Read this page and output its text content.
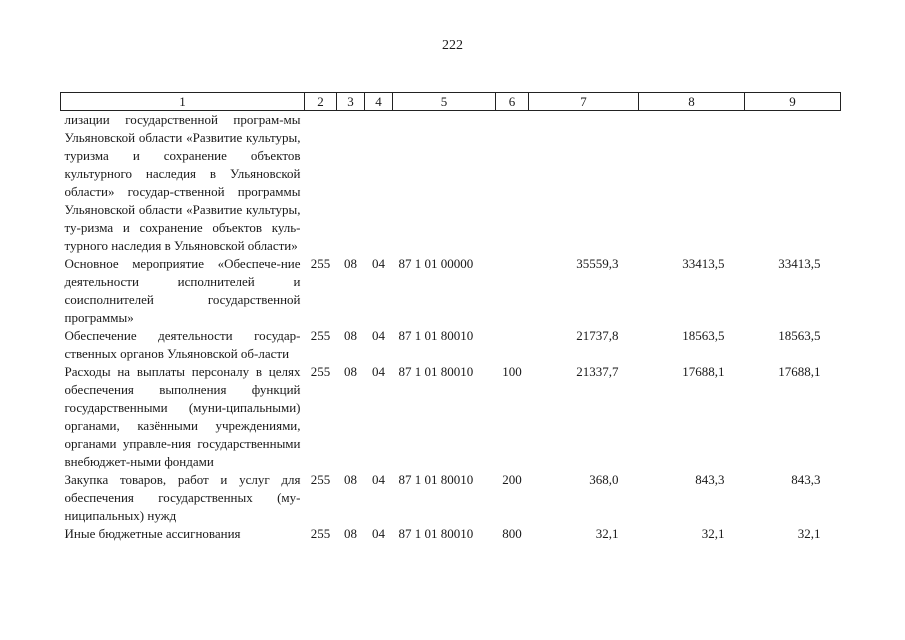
222
1	2	3	4	5	6	7	8	9
лизации государственной програм-мы Ульяновской области «Развитие культуры, туризма и сохранение объектов культурного наследия в Ульяновской области» государ-ственной программы Ульяновской области «Развитие культуры, ту-ризма и сохранение объектов куль-турного наследия в Ульяновской области»								
Основное мероприятие «Обеспече-ние деятельности исполнителей и соисполнителей государственной программы»	255	08	04	87 1 01 00000		35559,3	33413,5	33413,5
Обеспечение деятельности государ-ственных органов Ульяновской об-ласти	255	08	04	87 1 01 80010		21737,8	18563,5	18563,5
Расходы на выплаты персоналу в целях обеспечения выполнения функций государственными (муни-ципальными) органами, казёнными учреждениями, органами управле-ния государственными внебюджет-ными фондами	255	08	04	87 1 01 80010	100	21337,7	17688,1	17688,1
Закупка товаров, работ и услуг для обеспечения государственных (му-ниципальных) нужд	255	08	04	87 1 01 80010	200	368,0	843,3	843,3
Иные бюджетные ассигнования	255	08	04	87 1 01 80010	800	32,1	32,1	32,1
